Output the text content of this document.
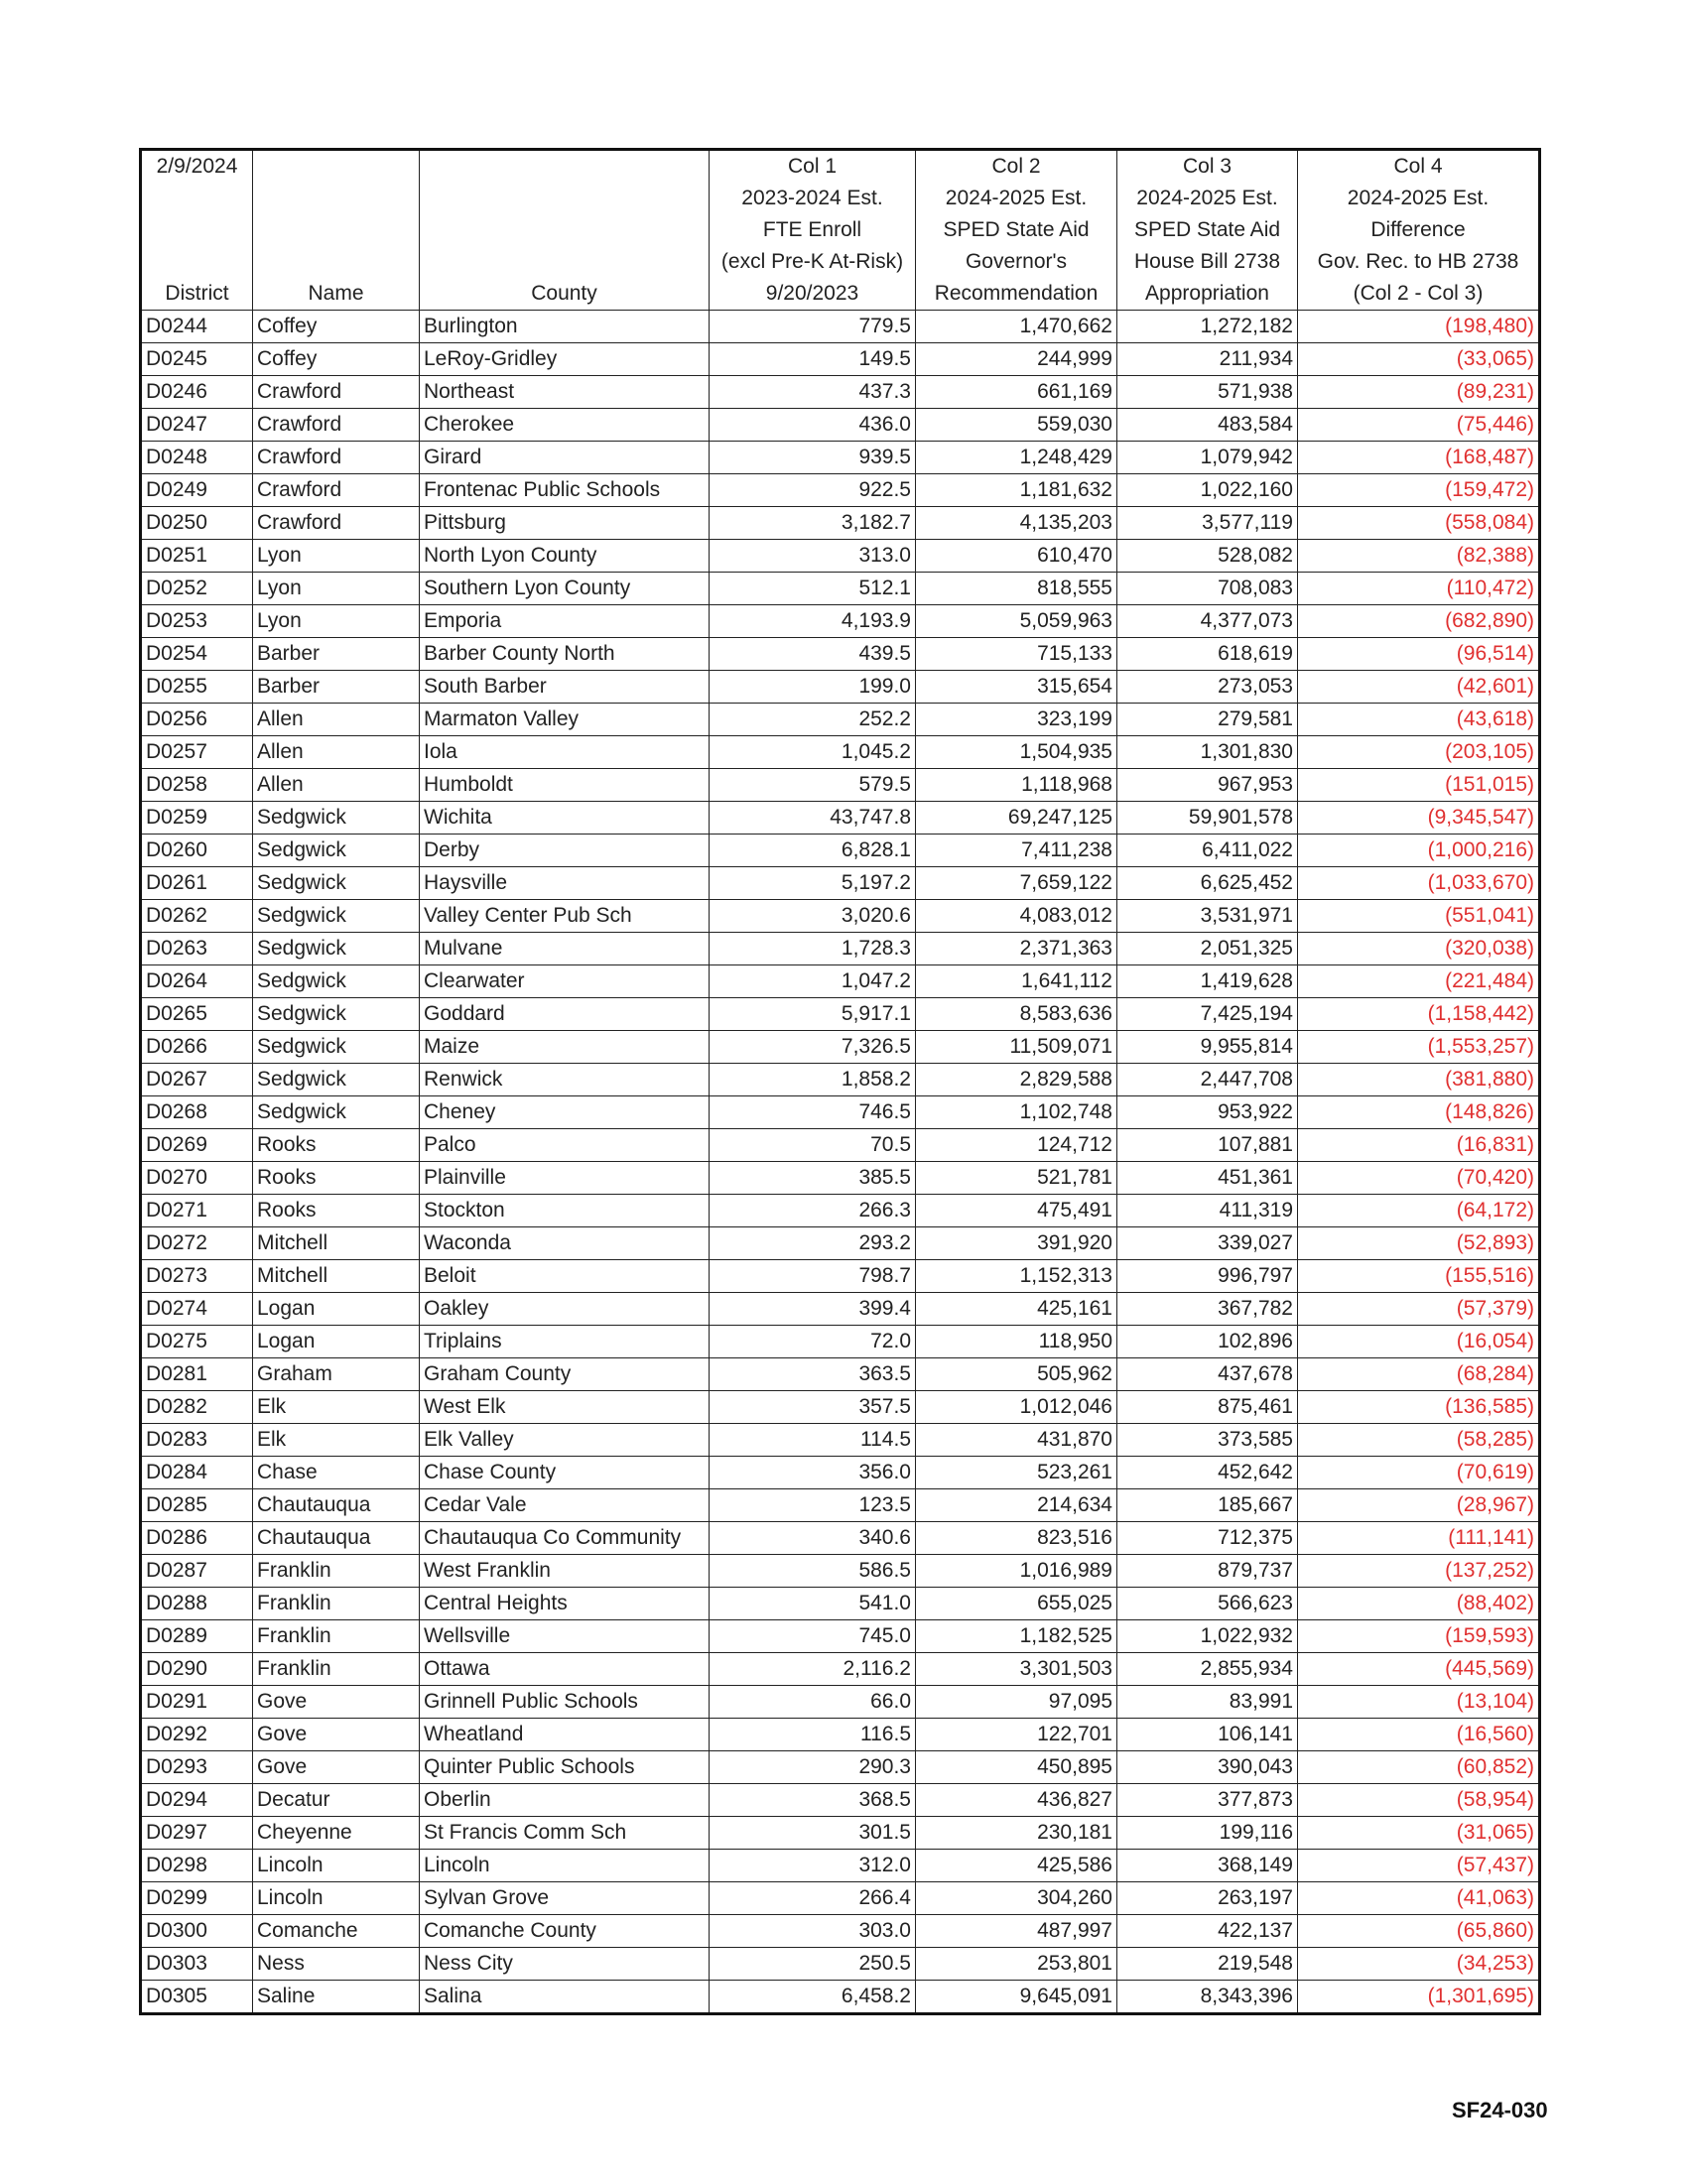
2/9/2024			Col 1	Col 2	Col 3	Col 4
			2023-2024 Est.	2024-2025 Est.	2024-2025 Est.	2024-2025 Est.
			FTE Enroll	SPED State Aid	SPED State Aid	Difference
			(excl Pre-K At-Risk)	Governor's	House Bill 2738	Gov. Rec. to HB 2738
District	Name	County	9/20/2023	Recommendation	Appropriation	(Col 2 - Col 3)
D0244	Coffey	Burlington	779.5	1,470,662	1,272,182	(198,480)
D0245	Coffey	LeRoy-Gridley	149.5	244,999	211,934	(33,065)
D0246	Crawford	Northeast	437.3	661,169	571,938	(89,231)
D0247	Crawford	Cherokee	436.0	559,030	483,584	(75,446)
D0248	Crawford	Girard	939.5	1,248,429	1,079,942	(168,487)
D0249	Crawford	Frontenac Public Schools	922.5	1,181,632	1,022,160	(159,472)
D0250	Crawford	Pittsburg	3,182.7	4,135,203	3,577,119	(558,084)
D0251	Lyon	North Lyon County	313.0	610,470	528,082	(82,388)
D0252	Lyon	Southern Lyon County	512.1	818,555	708,083	(110,472)
D0253	Lyon	Emporia	4,193.9	5,059,963	4,377,073	(682,890)
D0254	Barber	Barber County North	439.5	715,133	618,619	(96,514)
D0255	Barber	South Barber	199.0	315,654	273,053	(42,601)
D0256	Allen	Marmaton Valley	252.2	323,199	279,581	(43,618)
D0257	Allen	Iola	1,045.2	1,504,935	1,301,830	(203,105)
D0258	Allen	Humboldt	579.5	1,118,968	967,953	(151,015)
D0259	Sedgwick	Wichita	43,747.8	69,247,125	59,901,578	(9,345,547)
D0260	Sedgwick	Derby	6,828.1	7,411,238	6,411,022	(1,000,216)
D0261	Sedgwick	Haysville	5,197.2	7,659,122	6,625,452	(1,033,670)
D0262	Sedgwick	Valley Center Pub Sch	3,020.6	4,083,012	3,531,971	(551,041)
D0263	Sedgwick	Mulvane	1,728.3	2,371,363	2,051,325	(320,038)
D0264	Sedgwick	Clearwater	1,047.2	1,641,112	1,419,628	(221,484)
D0265	Sedgwick	Goddard	5,917.1	8,583,636	7,425,194	(1,158,442)
D0266	Sedgwick	Maize	7,326.5	11,509,071	9,955,814	(1,553,257)
D0267	Sedgwick	Renwick	1,858.2	2,829,588	2,447,708	(381,880)
D0268	Sedgwick	Cheney	746.5	1,102,748	953,922	(148,826)
D0269	Rooks	Palco	70.5	124,712	107,881	(16,831)
D0270	Rooks	Plainville	385.5	521,781	451,361	(70,420)
D0271	Rooks	Stockton	266.3	475,491	411,319	(64,172)
D0272	Mitchell	Waconda	293.2	391,920	339,027	(52,893)
D0273	Mitchell	Beloit	798.7	1,152,313	996,797	(155,516)
D0274	Logan	Oakley	399.4	425,161	367,782	(57,379)
D0275	Logan	Triplains	72.0	118,950	102,896	(16,054)
D0281	Graham	Graham County	363.5	505,962	437,678	(68,284)
D0282	Elk	West Elk	357.5	1,012,046	875,461	(136,585)
D0283	Elk	Elk Valley	114.5	431,870	373,585	(58,285)
D0284	Chase	Chase County	356.0	523,261	452,642	(70,619)
D0285	Chautauqua	Cedar Vale	123.5	214,634	185,667	(28,967)
D0286	Chautauqua	Chautauqua Co Community	340.6	823,516	712,375	(111,141)
D0287	Franklin	West Franklin	586.5	1,016,989	879,737	(137,252)
D0288	Franklin	Central Heights	541.0	655,025	566,623	(88,402)
D0289	Franklin	Wellsville	745.0	1,182,525	1,022,932	(159,593)
D0290	Franklin	Ottawa	2,116.2	3,301,503	2,855,934	(445,569)
D0291	Gove	Grinnell Public Schools	66.0	97,095	83,991	(13,104)
D0292	Gove	Wheatland	116.5	122,701	106,141	(16,560)
D0293	Gove	Quinter Public Schools	290.3	450,895	390,043	(60,852)
D0294	Decatur	Oberlin	368.5	436,827	377,873	(58,954)
D0297	Cheyenne	St Francis Comm Sch	301.5	230,181	199,116	(31,065)
D0298	Lincoln	Lincoln	312.0	425,586	368,149	(57,437)
D0299	Lincoln	Sylvan Grove	266.4	304,260	263,197	(41,063)
D0300	Comanche	Comanche County	303.0	487,997	422,137	(65,860)
D0303	Ness	Ness City	250.5	253,801	219,548	(34,253)
D0305	Saline	Salina	6,458.2	9,645,091	8,343,396	(1,301,695)
SF24-030
